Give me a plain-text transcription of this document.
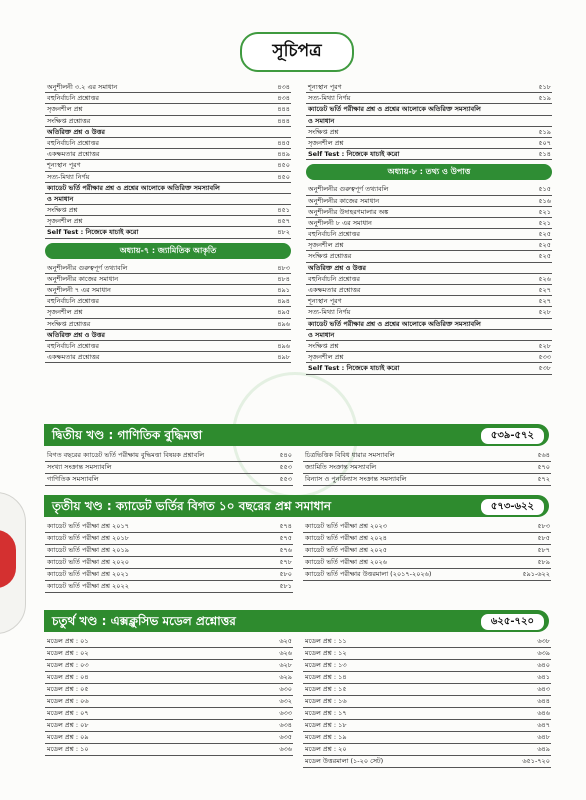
সূচিপত্র
অনুশীলনী ৩.২ এর সমাধান	৪৩৪
বহুনির্বাচনি প্রশ্নোত্তর	৪৩৪
সৃজনশীল প্রশ্ন	৪৪৪
সংক্ষিপ্ত প্রশ্নোত্তর	৪৪৪
অতিরিক্ত প্রশ্ন ও উত্তর
বহুনির্বাচনি প্রশ্নোত্তর	৪৪৫
একক্ষমতার প্রশ্নোত্তর	৪৪৯
শূন্যস্থান পূরণ	৪৫০
সত্য-মিথ্যা নির্ণয়	৪৫০
ক্যাডেট ভর্তি পরীক্ষার প্রশ্ন ও প্রশ্নের আলোকে অতিরিক্ত সমস্যাবলি
ও সমাধান
সংক্ষিপ্ত প্রশ্ন	৪৫১
সৃজনশীল প্রশ্ন	৪৫৭
Self Test : নিজেকে যাচাই করো	৪৮২
অধ্যায়-৭ : জ্যামিতিক আকৃতি
অনুশীলনীর গুরুত্বপূর্ণ তথ্যাবলি	৪৮৩
অনুশীলনীর কাজের সমাধান	৪৮৪
অনুশীলনী ৭ এর সমাধান	৪৯১
বহুনির্বাচনি প্রশ্নোত্তর	৪৯৪
সৃজনশীল প্রশ্ন	৪৯৫
সংক্ষিপ্ত প্রশ্নোত্তর	৪৯৬
অতিরিক্ত প্রশ্ন ও উত্তর
বহুনির্বাচনি প্রশ্নোত্তর	৪৯৬
একক্ষমতার প্রশ্নোত্তর	৪৯৮
শূন্যস্থান পূরণ	৫১৮
সত্য-মিথ্যা নির্ণয়	৫১৯
ক্যাডেট ভর্তি পরীক্ষার প্রশ্ন ও প্রশ্নের আলোকে অতিরিক্ত সমস্যাবলি
ও সমাধান
সংক্ষিপ্ত প্রশ্ন	৫১৯
সৃজনশীল প্রশ্ন	৫০৭
Self Test : নিজেকে যাচাই করো	৫১৪
অধ্যায়-৮ : তথ্য ও উপাত্ত
অনুশীলনীর গুরুত্বপূর্ণ তথ্যাবলি	৫১৫
অনুশীলনীর কাজের সমাধান	৫১৬
অনুশীলনীর উদাহরণমালার অঙ্ক	৫২১
অনুশীলনী ৮ এর সমাধান	৫২১
বহুনির্বাচনি প্রশ্নোত্তর	৫২৫
সৃজনশীল প্রশ্ন	৫২৫
সংক্ষিপ্ত প্রশ্নোত্তর	৫২৫
অতিরিক্ত প্রশ্ন ও উত্তর
বহুনির্বাচনি প্রশ্নোত্তর	৫২৬
একক্ষমতার প্রশ্নোত্তর	৫২৭
শূন্যস্থান পূরণ	৫২৭
সত্য-মিথ্যা নির্ণয়	৫২৮
ক্যাডেট ভর্তি পরীক্ষার প্রশ্ন ও প্রশ্নের আলোকে অতিরিক্ত সমস্যাবলি
ও সমাধান
সংক্ষিপ্ত প্রশ্ন	৫২৮
সৃজনশীল প্রশ্ন	৫৩৩
Self Test : নিজেকে যাচাই করো	৫৩৮
দ্বিতীয় খণ্ড : গাণিতিক বুদ্ধিমত্তা	৫৩৯-৫৭২
বিগত বছরের ক্যাডেট ভর্তি পরীক্ষায় বুদ্ধিমত্তা বিষয়ক প্রশ্নাবলি	৫৪০
সংখ্যা সংক্রান্ত সমস্যাবলি	৫৫৩
গাণিতিক সমস্যাবলি	৫৫৩
চিত্রভিত্তিক বিবিধ ধারার সমস্যাবলি	৫৬৪
জ্যামিতি সংক্রান্ত সমস্যাবলি	৫৭০
বিন্যাস ও পুনর্বিন্যাস সংক্রান্ত সমস্যাবলি	৫৭২
তৃতীয় খণ্ড : ক্যাডেট ভর্তির বিগত ১০ বছরের প্রশ্ন সমাধান	৫৭৩-৬২২
ক্যাডেট ভর্তি পরীক্ষা প্রশ্ন ২০১৭	৫৭৪
ক্যাডেট ভর্তি পরীক্ষা প্রশ্ন ২০১৮	৫৭৫
ক্যাডেট ভর্তি পরীক্ষা প্রশ্ন ২০১৯	৫৭৬
ক্যাডেট ভর্তি পরীক্ষা প্রশ্ন ২০২০	৫৭৮
ক্যাডেট ভর্তি পরীক্ষা প্রশ্ন ২০২১	৫৮০
ক্যাডেট ভর্তি পরীক্ষা প্রশ্ন ২০২২	৫৮১
ক্যাডেট ভর্তি পরীক্ষা প্রশ্ন ২০২৩	৫৮৩
ক্যাডেট ভর্তি পরীক্ষা প্রশ্ন ২০২৪	৫৮৫
ক্যাডেট ভর্তি পরীক্ষা প্রশ্ন ২০২৫	৫৮৭
ক্যাডেট ভর্তি পরীক্ষা প্রশ্ন ২০২৬	৫৮৯
ক্যাডেট ভর্তি পরীক্ষার উত্তরমালা (২০১৭-২০২৬)	৫৯১-৬২২
চতুর্থ খণ্ড : এক্সক্লুসিভ মডেল প্রশ্নোত্তর	৬২৫-৭২০
মডেল প্রশ্ন : ০১	৬২৫
মডেল প্রশ্ন : ০২	৬২৬
মডেল প্রশ্ন : ০৩	৬২৮
মডেল প্রশ্ন : ০৪	৬২৯
মডেল প্রশ্ন : ০৫	৬৩০
মডেল প্রশ্ন : ০৬	৬৩২
মডেল প্রশ্ন : ০৭	৬৩৩
মডেল প্রশ্ন : ০৮	৬৩৪
মডেল প্রশ্ন : ০৯	৬৩৫
মডেল প্রশ্ন : ১০	৬৩৬
মডেল প্রশ্ন : ১১	৬৩৮
মডেল প্রশ্ন : ১২	৬৩৯
মডেল প্রশ্ন : ১৩	৬৪০
মডেল প্রশ্ন : ১৪	৬৪১
মডেল প্রশ্ন : ১৫	৬৪৩
মডেল প্রশ্ন : ১৬	৬৪৪
মডেল প্রশ্ন : ১৭	৬৪৬
মডেল প্রশ্ন : ১৮	৬৪৭
মডেল প্রশ্ন : ১৯	৬৪৮
মডেল প্রশ্ন : ২০	৬৪৯
মডেল উত্তরমালা (১-২০ সেট)	৬৫১-৭২০
